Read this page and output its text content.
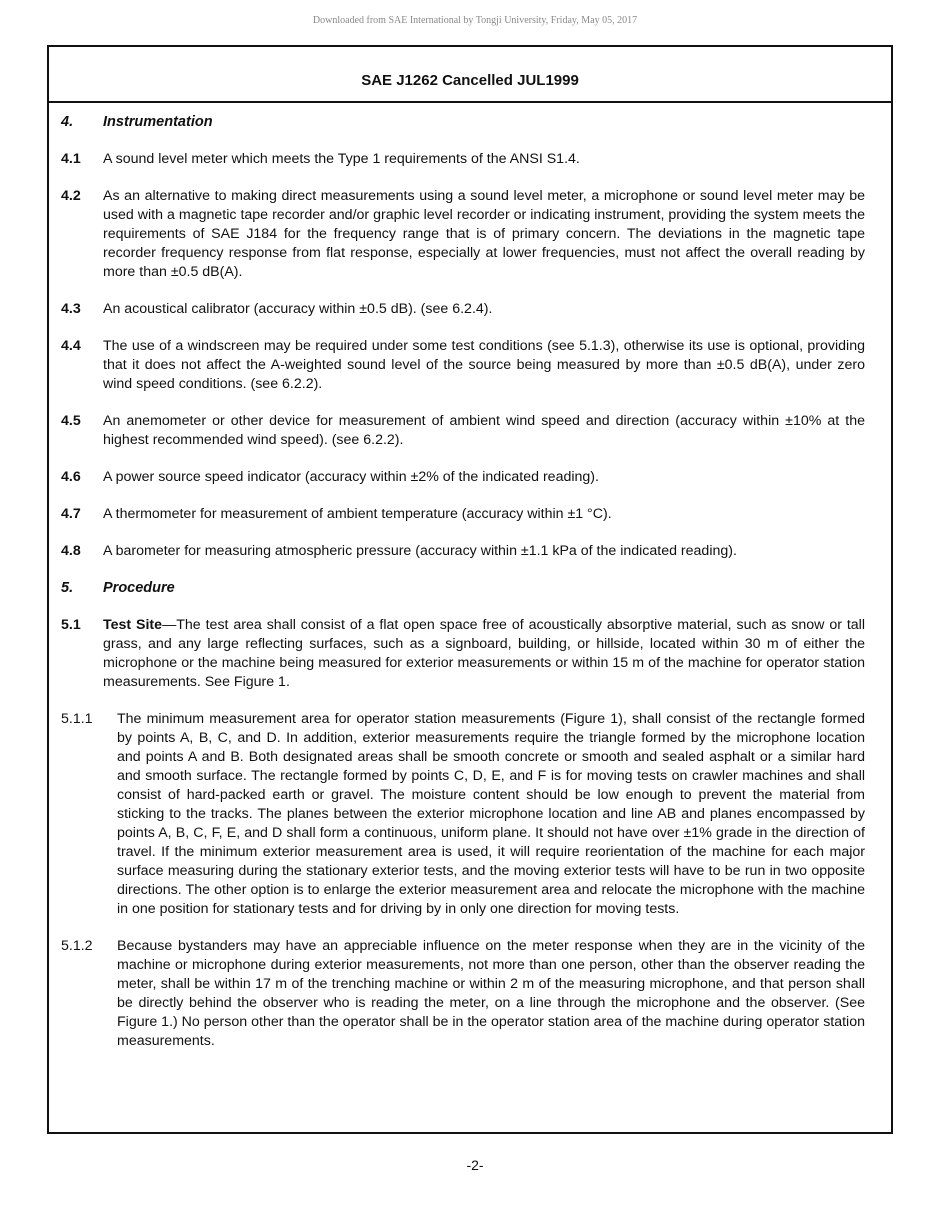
Downloaded from SAE International by Tongji University, Friday, May 05, 2017
SAE J1262 Cancelled JUL1999
4.	Instrumentation
4.1	A sound level meter which meets the Type 1 requirements of the ANSI S1.4.
4.2	As an alternative to making direct measurements using a sound level meter, a microphone or sound level meter may be used with a magnetic tape recorder and/or graphic level recorder or indicating instrument, providing the system meets the requirements of SAE J184 for the frequency range that is of primary concern. The deviations in the magnetic tape recorder frequency response from flat response, especially at lower frequencies, must not affect the overall reading by more than ±0.5 dB(A).
4.3	An acoustical calibrator (accuracy within ±0.5 dB). (see 6.2.4).
4.4	The use of a windscreen may be required under some test conditions (see 5.1.3), otherwise its use is optional, providing that it does not affect the A-weighted sound level of the source being measured by more than ±0.5 dB(A), under zero wind speed conditions. (see 6.2.2).
4.5	An anemometer or other device for measurement of ambient wind speed and direction (accuracy within ±10% at the highest recommended wind speed). (see 6.2.2).
4.6	A power source speed indicator (accuracy within ±2% of the indicated reading).
4.7	A thermometer for measurement of ambient temperature (accuracy within ±1 °C).
4.8	A barometer for measuring atmospheric pressure (accuracy within ±1.1 kPa of the indicated reading).
5.	Procedure
5.1	Test Site—The test area shall consist of a flat open space free of acoustically absorptive material, such as snow or tall grass, and any large reflecting surfaces, such as a signboard, building, or hillside, located within 30 m of either the microphone or the machine being measured for exterior measurements or within 15 m of the machine for operator station measurements. See Figure 1.
5.1.1	The minimum measurement area for operator station measurements (Figure 1), shall consist of the rectangle formed by points A, B, C, and D. In addition, exterior measurements require the triangle formed by the microphone location and points A and B. Both designated areas shall be smooth concrete or smooth and sealed asphalt or a similar hard and smooth surface. The rectangle formed by points C, D, E, and F is for moving tests on crawler machines and shall consist of hard-packed earth or gravel. The moisture content should be low enough to prevent the material from sticking to the tracks. The planes between the exterior microphone location and line AB and planes encompassed by points A, B, C, F, E, and D shall form a continuous, uniform plane. It should not have over ±1% grade in the direction of travel. If the minimum exterior measurement area is used, it will require reorientation of the machine for each major surface measuring during the stationary exterior tests, and the moving exterior tests will have to be run in two opposite directions. The other option is to enlarge the exterior measurement area and relocate the microphone with the machine in one position for stationary tests and for driving by in only one direction for moving tests.
5.1.2	Because bystanders may have an appreciable influence on the meter response when they are in the vicinity of the machine or microphone during exterior measurements, not more than one person, other than the observer reading the meter, shall be within 17 m of the trenching machine or within 2 m of the measuring microphone, and that person shall be directly behind the observer who is reading the meter, on a line through the microphone and the observer. (See Figure 1.) No person other than the operator shall be in the operator station area of the machine during operator station measurements.
-2-
